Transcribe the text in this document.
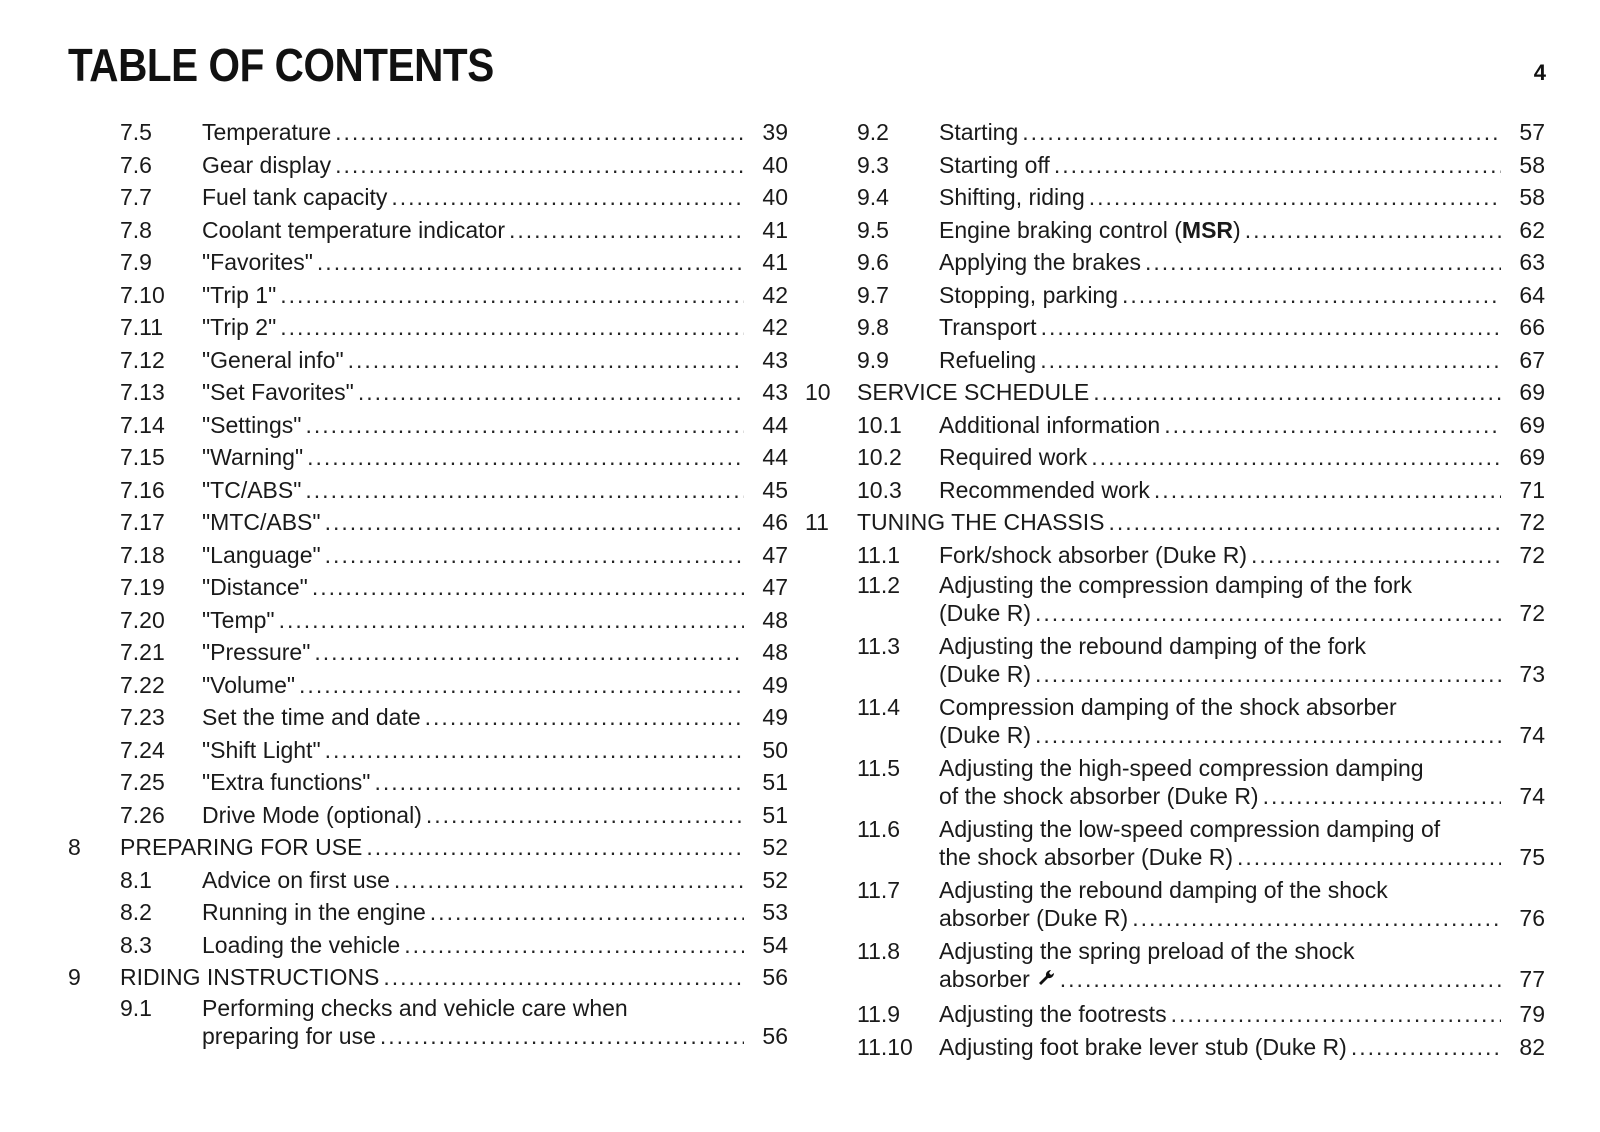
TABLE OF CONTENTS	4
7.5 Temperature .....	39
7.6 Gear display .....	40
7.7 Fuel tank capacity .....	40
7.8 Coolant temperature indicator .....	41
7.9 "Favorites" .....	41
7.10 "Trip 1" .....	42
7.11 "Trip 2" .....	42
7.12 "General info" .....	43
7.13 "Set Favorites" .....	43
7.14 "Settings" .....	44
7.15 "Warning" .....	44
7.16 "TC/ABS" .....	45
7.17 "MTC/ABS" .....	46
7.18 "Language" .....	47
7.19 "Distance" .....	47
7.20 "Temp" .....	48
7.21 "Pressure" .....	48
7.22 "Volume" .....	49
7.23 Set the time and date .....	49
7.24 "Shift Light" .....	50
7.25 "Extra functions" .....	51
7.26 Drive Mode (optional) .....	51
8 PREPARING FOR USE .....	52
8.1 Advice on first use .....	52
8.2 Running in the engine .....	53
8.3 Loading the vehicle .....	54
9 RIDING INSTRUCTIONS .....	56
9.1 Performing checks and vehicle care when
preparing for use .....	56
9.2 Starting .....	57
9.3 Starting off .....	58
9.4 Shifting, riding .....	58
9.5 Engine braking control (MSR) .....	62
9.6 Applying the brakes .....	63
9.7 Stopping, parking .....	64
9.8 Transport .....	66
9.9 Refueling .....	67
10 SERVICE SCHEDULE .....	69
10.1 Additional information .....	69
10.2 Required work .....	69
10.3 Recommended work .....	71
11 TUNING THE CHASSIS .....	72
11.1 Fork/shock absorber (Duke R) .....	72
11.2 Adjusting the compression damping of the fork
(Duke R) .....	72
11.3 Adjusting the rebound damping of the fork
(Duke R) .....	73
11.4 Compression damping of the shock absorber
(Duke R) .....	74
11.5 Adjusting the high-speed compression damping
of the shock absorber (Duke R) .....	74
11.6 Adjusting the low-speed compression damping of
the shock absorber (Duke R) .....	75
11.7 Adjusting the rebound damping of the shock
absorber (Duke R) .....	76
11.8 Adjusting the spring preload of the shock
absorber .....	77
11.9 Adjusting the footrests .....	79
11.10 Adjusting foot brake lever stub (Duke R) .....	82
